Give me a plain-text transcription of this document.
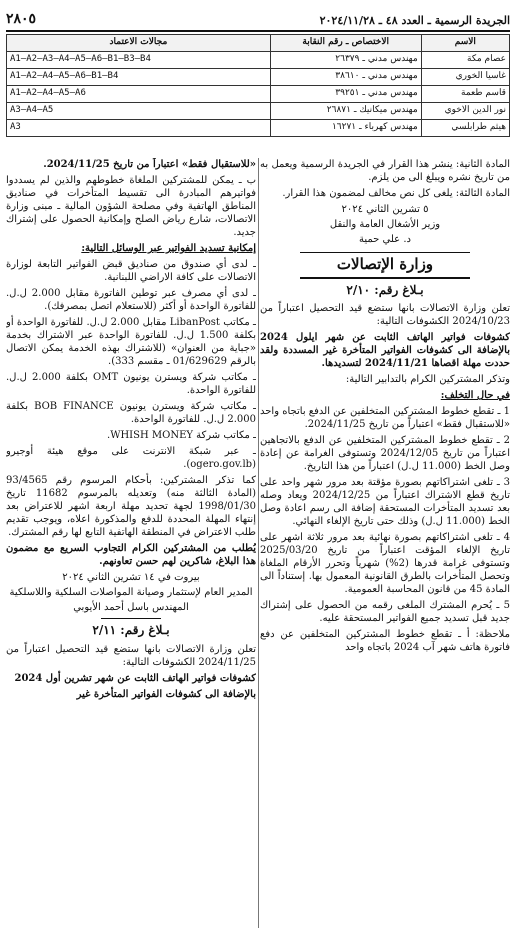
الجريدة الرسمية ـ العدد ٤٨ ـ ٢٠٢٤/١١/٢٨
٢٨٠٥
الاسم	الاختصاص ـ رقم النقابة	مجالات الاعتماد
عصام مكة	مهندس مدني ـ ٢٦٣٧٩	A1–A2–A3–A4–A5–A6–B1–B3–B4
غاسيا الخوري	مهندس مدني ـ ٣٨٦١٠	A1–A2–A4–A5–A6–B1–B4
قاسم طعمة	مهندس مدني ـ ٣٩٢٥١	A1–A2–A4–A5–A6
نور الدين الاخوي	مهندس ميكانيك ـ ٢٦٨٧١	A3–A4–A5
هيثم طرابلسي	مهندس كهرباء ـ ١٦٢٧١	A3

المادة الثانية: ينشر هذا القرار في الجريدة الرسمية ويعمل به من تاريخ نشره ويبلغ الى من يلزم.

المادة الثالثة: يلغى كل نص مخالف لمضمون هذا القرار.

٥ تشرين الثاني ٢٠٢٤

وزير الأشغال العامة والنقل

د. علي حمية

وزارة الإتصالات
بـلاغ رقم: ٢/١٠

تعلن وزارة الاتصالات بانها ستضع قيد التحصيل اعتباراً من 2024/10/23 الكشوفات التالية:

كشوفات فواتير الهاتف الثابت عن شهر ايلول 2024 بالإضافة الى كشوفات الفواتير المتأخرة غير المسددة ولقد حددت مهلة اقصاها 2024/11/21 لتسديدها.

وتذكر المشتركين الكرام بالتدابير التالية:

في حال التخلف:

1 ـ تقطع خطوط المشتركين المتخلفين عن الدفع باتجاه واحد «للاستقبال فقط» اعتباراً من تاريخ 2024/11/25.

2 ـ تقطع خطوط المشتركين المتخلفين عن الدفع بالاتجاهين اعتباراً من تاريخ 2024/12/05 وتستوفى الغرامة عن إعادة وصل الخط (11.000 ل.ل) اعتباراً من هذا التاريخ.

3 ـ تلغى اشتراكاتهم بصورة مؤقتة بعد مرور شهر واحد على تاريخ قطع الاشتراك اعتباراً من 2024/12/25 ويعاد وصله بعد تسديد المتأخرات المستحقة إضافة الى رسم اعادة وصل الخط (11.000 ل.ل) وذلك حتى تاريخ الإلغاء النهائي.

4 ـ تلغى اشتراكاتهم بصورة نهائية بعد مرور ثلاثة اشهر على تاريخ الإلغاء المؤقت اعتباراً من تاريخ 2025/03/20 وتستوفى غرامة قدرها (2%) شهرياً وتحرر الأرقام الملغاة وتحصل المتأخرات بالطرق القانونية المعمول بها. إستناداً الى المادة 45 من قانون المحاسبة العمومية.

5 ـ يُحرم المشترك الملغى رقمه من الحصول على إشتراك جديد قبل تسديد جميع الفواتير المستحقة عليه.

ملاحظة: أ ـ تقطع خطوط المشتركين المتخلفين عن دفع فاتورة هاتف شهر آب 2024 باتجاه واحد

«للاستقبال فقط» اعتباراً من تاريخ 2024/11/25.

ب ـ يمكن للمشتركين الملغاة خطوطهم والذين لم يسددوا فواتيرهم المبادرة الى تقسيط المتأخرات في صناديق المناطق الهاتفية وفي مصلحة الشؤون المالية ـ مبنى وزارة الاتصالات، شارع رياض الصلح وإمكانية الحصول على إشتراك جديد.

إمكانية تسديد الفواتير عبر الوسائل التالية:

ـ لدى أي صندوق من صناديق قبض الفواتير التابعة لوزارة الاتصالات على كافة الاراضي اللبنانية.

ـ لدى أي مصرف عبر توطين الفاتورة مقابل 2.000 ل.ل. للفاتورة الواحدة أو أكثر (للاستعلام اتصل بمصرفك).

ـ مكاتب LibanPost مقابل 2.000 ل.ل. للفاتورة الواحدة أو بكلفة 1.500 ل.ل. للفاتورة الواحدة عبر الاشتراك بخدمة «جباية من العنوان» (للاشتراك بهذه الخدمة يمكن الاتصال بالرقم 01/629629 ـ مقسم 333).

ـ مكاتب شركة ويسترن يونيون OMT بكلفة 2.000 ل.ل. للفاتورة الواحدة.

ـ مكاتب شركة ويسترن يونيون BOB FINANCE بكلفة 2.000 ل.ل. للفاتورة الواحدة.

ـ مكاتب شركة WHISH MONEY.

ـ عبر شبكة الانترنت على موقع هيئة أوجيرو (ogero.gov.lb).

كما تذكر المشتركين: بأحكام المرسوم رقم 93/4565 (المادة الثالثة منه) وتعديله بالمرسوم 11682 تاريخ 1998/01/30 لجهة تحديد مهلة اربعة اشهر للاعتراض بعد إنتهاء المهلة المحددة للدفع والمذكورة اعلاه، ويوجب تقديم طلب الاعتراض في المنطقة الهاتفية التابع لها رقم المشترك.

يُطلب من المشتركين الكرام التجاوب السريع مع مضمون هذا البلاغ، شاكرين لهم حسن تعاونهم.

بيروت في ١٤ تشرين الثاني ٢٠٢٤

المدير العام لإستثمار وصيانة المواصلات السلكية واللاسلكية

المهندس باسل أحمد الأيوبي

بـلاغ رقم: ٢/١١

تعلن وزارة الاتصالات بانها ستضع قيد التحصيل اعتباراً من 2024/11/25 الكشوفات التالية:

كشوفات فواتير الهاتف الثابت عن شهر تشرين أول 2024

بالإضافة الى كشوفات الفواتير المتأخرة غير
